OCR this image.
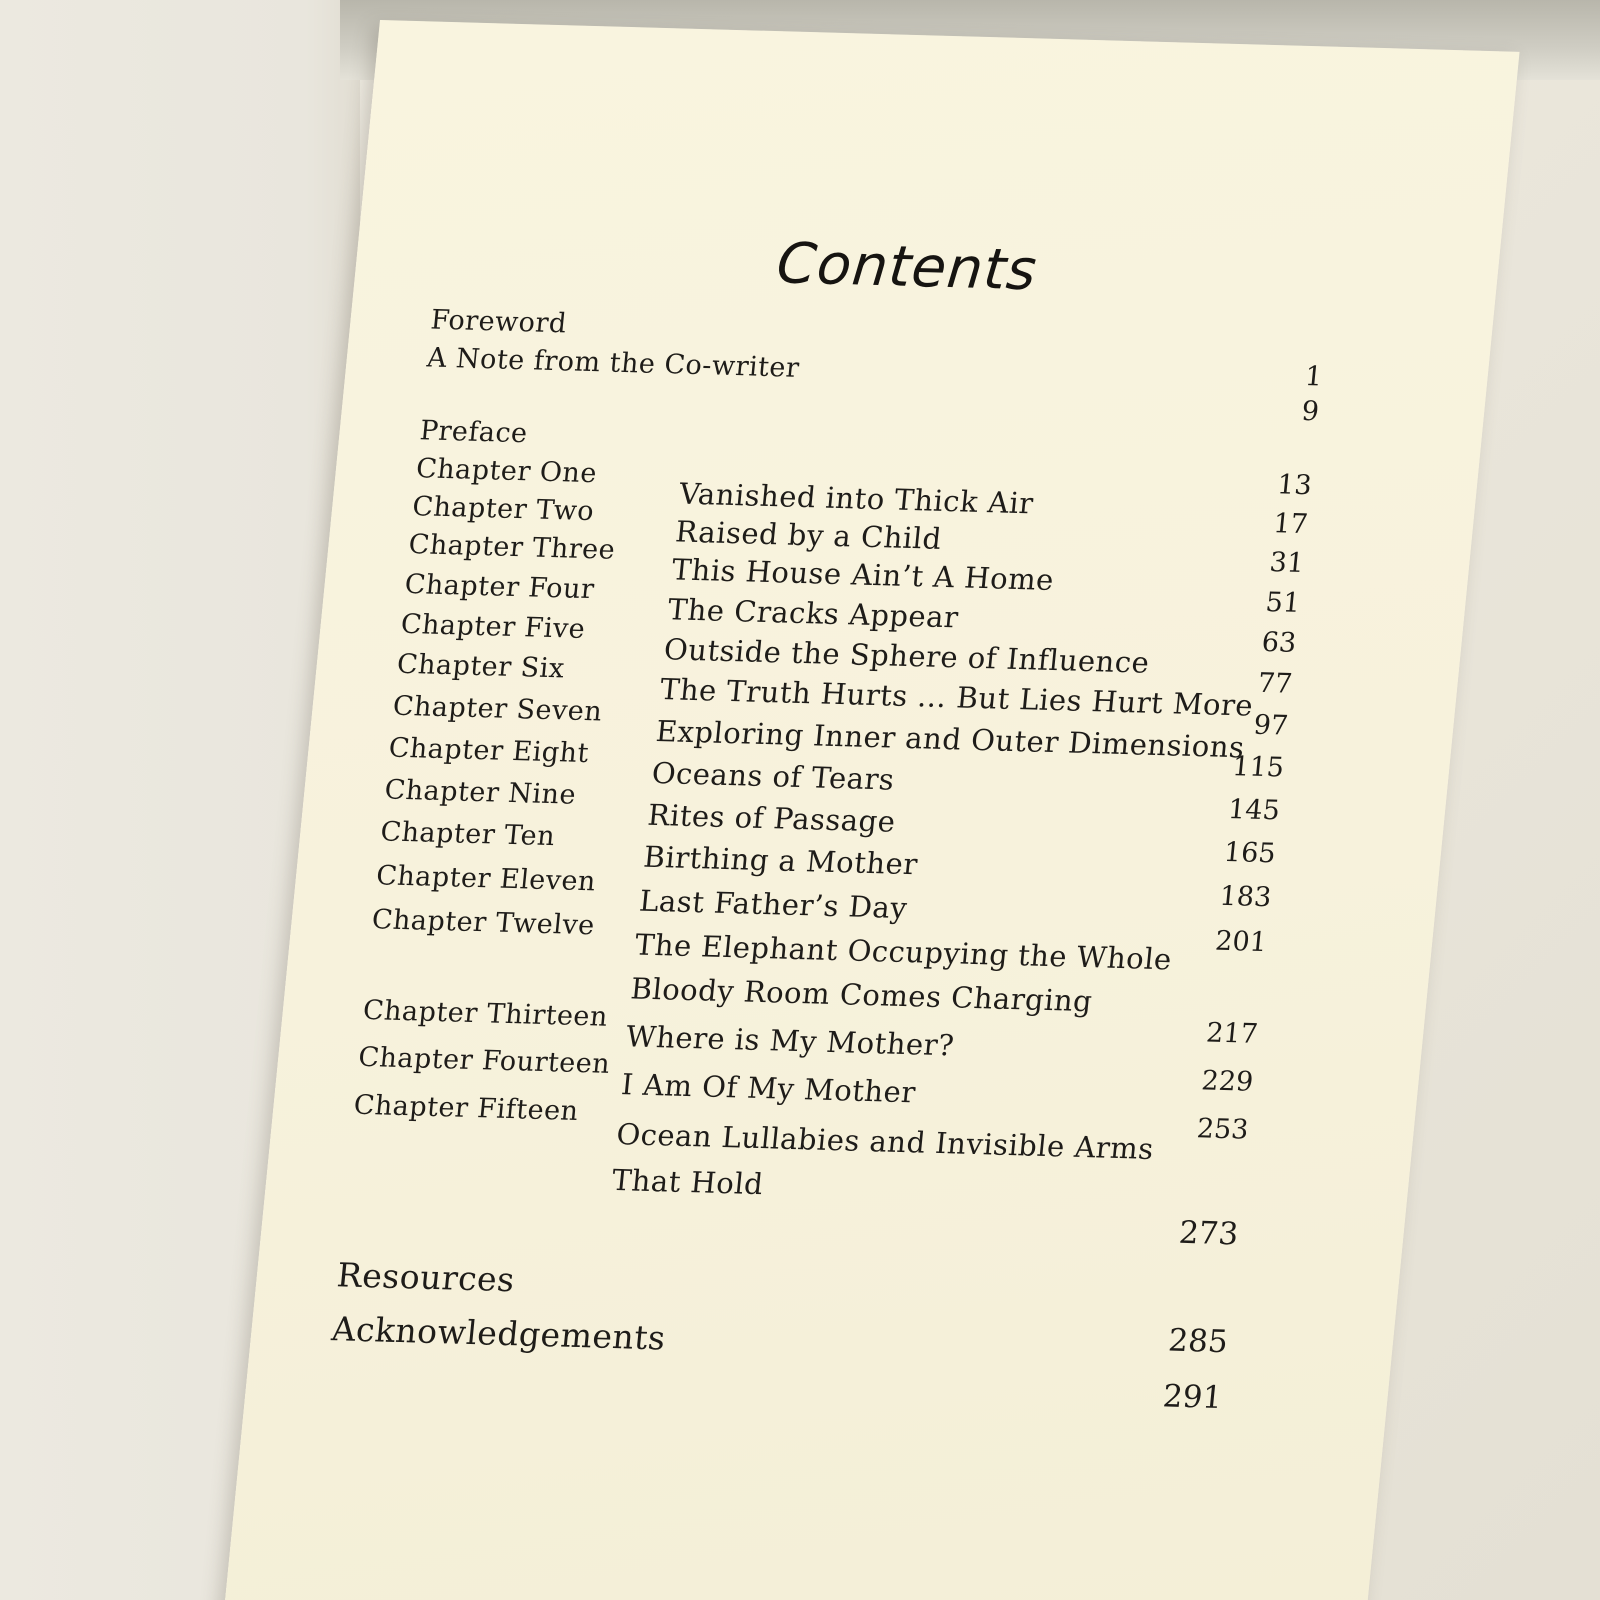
Contents
Foreword
A Note from the Co-writer
Preface
Chapter One
Chapter Two
Chapter Three
Chapter Four
Chapter Five
Chapter Six
Chapter Seven
Chapter Eight
Chapter Nine
Chapter Ten
Chapter Eleven
Chapter Twelve
Chapter Thirteen
Chapter Fourteen
Chapter Fifteen
Vanished into Thick Air
Raised by a Child
This House Ain’t A Home
The Cracks Appear
Outside the Sphere of Influence
The Truth Hurts … But Lies Hurt More
Exploring Inner and Outer Dimensions
Oceans of Tears
Rites of Passage
Birthing a Mother
Last Father’s Day
The Elephant Occupying the Whole
Bloody Room Comes Charging
Where is My Mother?
I Am Of My Mother
Ocean Lullabies and Invisible Arms
That Hold
Resources
Acknowledgements
1
9
13
17
31
51
63
77
97
115
145
165
183
201
217
229
253
273
285
291
